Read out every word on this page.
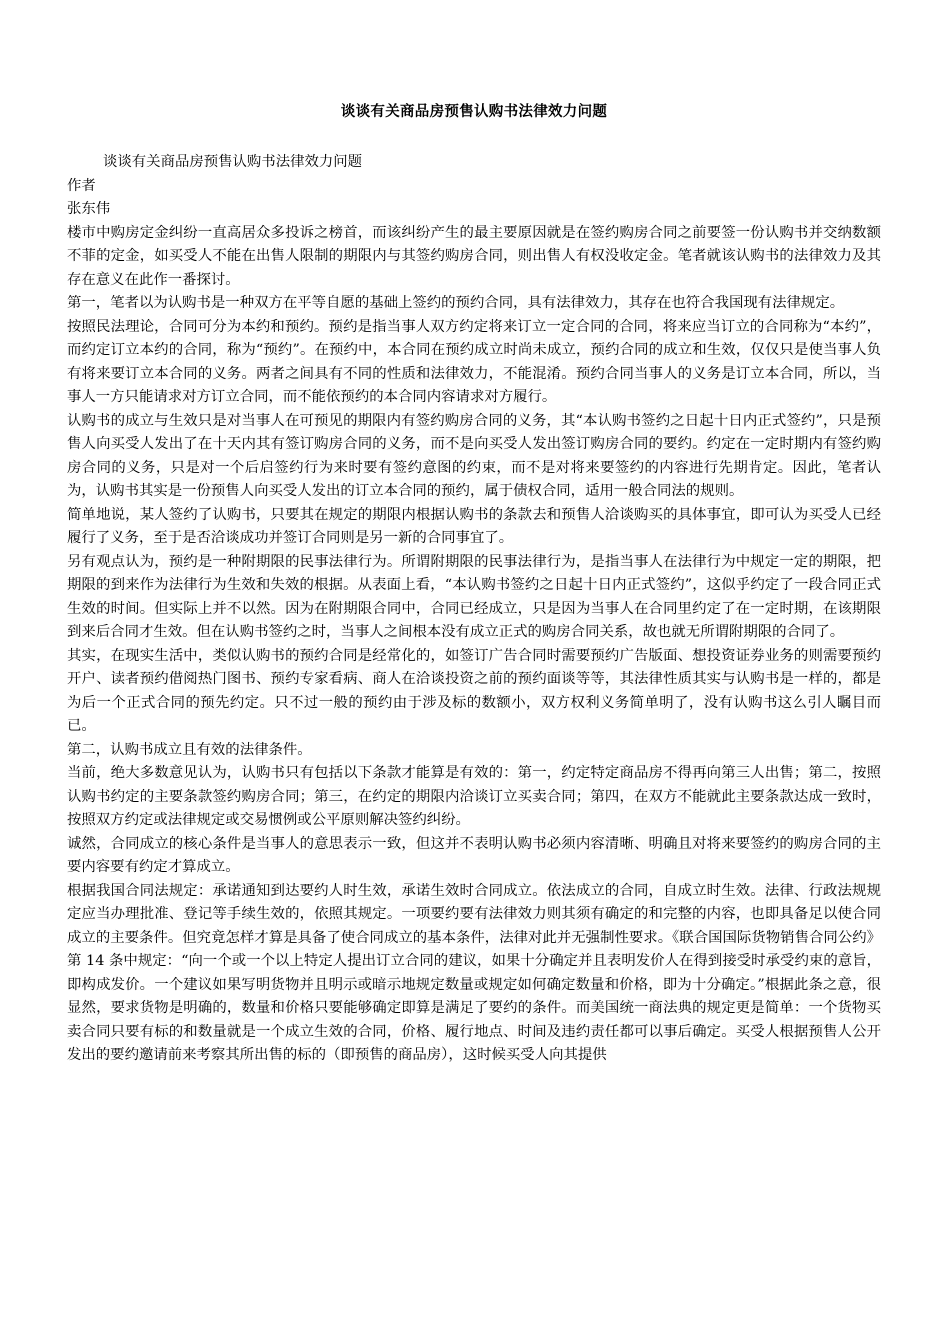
谈谈有关商品房预售认购书法律效力问题

谈谈有关商品房预售认购书法律效力问题

作者

张东伟

楼市中购房定金纠纷一直高居众多投诉之榜首，而该纠纷产生的最主要原因就是在签约购房合同之前要签一份认购书并交纳数额不菲的定金，如买受人不能在出售人限制的期限内与其签约购房合同，则出售人有权没收定金。笔者就该认购书的法律效力及其存在意义在此作一番探讨。

第一，笔者以为认购书是一种双方在平等自愿的基础上签约的预约合同，具有法律效力，其存在也符合我国现有法律规定。

按照民法理论，合同可分为本约和预约。预约是指当事人双方约定将来订立一定合同的合同，将来应当订立的合同称为“本约”，而约定订立本约的合同，称为“预约”。在预约中，本合同在预约成立时尚未成立，预约合同的成立和生效，仅仅只是使当事人负有将来要订立本合同的义务。两者之间具有不同的性质和法律效力，不能混淆。预约合同当事人的义务是订立本合同，所以，当事人一方只能请求对方订立合同，而不能依预约的本合同内容请求对方履行。

认购书的成立与生效只是对当事人在可预见的期限内有签约购房合同的义务，其“本认购书签约之日起十日内正式签约”，只是预售人向买受人发出了在十天内其有签订购房合同的义务，而不是向买受人发出签订购房合同的要约。约定在一定时期内有签约购房合同的义务，只是对一个后启签约行为来时要有签约意图的约束，而不是对将来要签约的内容进行先期肯定。因此，笔者认为，认购书其实是一份预售人向买受人发出的订立本合同的预约，属于债权合同，适用一般合同法的规则。

简单地说，某人签约了认购书，只要其在规定的期限内根据认购书的条款去和预售人洽谈购买的具体事宜，即可认为买受人已经履行了义务，至于是否洽谈成功并签订合同则是另一新的合同事宜了。

另有观点认为，预约是一种附期限的民事法律行为。所谓附期限的民事法律行为，是指当事人在法律行为中规定一定的期限，把期限的到来作为法律行为生效和失效的根据。从表面上看，“本认购书签约之日起十日内正式签约”，这似乎约定了一段合同正式生效的时间。但实际上并不以然。因为在附期限合同中，合同已经成立，只是因为当事人在合同里约定了在一定时期，在该期限到来后合同才生效。但在认购书签约之时，当事人之间根本没有成立正式的购房合同关系，故也就无所谓附期限的合同了。

其实，在现实生活中，类似认购书的预约合同是经常化的，如签订广告合同时需要预约广告版面、想投资证券业务的则需要预约开户、读者预约借阅热门图书、预约专家看病、商人在洽谈投资之前的预约面谈等等，其法律性质其实与认购书是一样的，都是为后一个正式合同的预先约定。只不过一般的预约由于涉及标的数额小，双方权利义务简单明了，没有认购书这么引人瞩目而已。

第二，认购书成立且有效的法律条件。

当前，绝大多数意见认为，认购书只有包括以下条款才能算是有效的：第一，约定特定商品房不得再向第三人出售；第二，按照认购书约定的主要条款签约购房合同；第三，在约定的期限内洽谈订立买卖合同；第四，在双方不能就此主要条款达成一致时，按照双方约定或法律规定或交易惯例或公平原则解决签约纠纷。

诚然，合同成立的核心条件是当事人的意思表示一致，但这并不表明认购书必须内容清晰、明确且对将来要签约的购房合同的主要内容要有约定才算成立。

根据我国合同法规定：承诺通知到达要约人时生效，承诺生效时合同成立。依法成立的合同，自成立时生效。法律、行政法规规定应当办理批准、登记等手续生效的，依照其规定。一项要约要有法律效力则其须有确定的和完整的内容，也即具备足以使合同成立的主要条件。但究竟怎样才算是具备了使合同成立的基本条件，法律对此并无强制性要求。《联合国国际货物销售合同公约》第 14 条中规定：“向一个或一个以上特定人提出订立合同的建议，如果十分确定并且表明发价人在得到接受时承受约束的意旨，即构成发价。一个建议如果写明货物并且明示或暗示地规定数量或规定如何确定数量和价格，即为十分确定。”根据此条之意，很显然，要求货物是明确的，数量和价格只要能够确定即算是满足了要约的条件。而美国统一商法典的规定更是简单：一个货物买卖合同只要有标的和数量就是一个成立生效的合同，价格、履行地点、时间及违约责任都可以事后确定。买受人根据预售人公开发出的要约邀请前来考察其所出售的标的（即预售的商品房），这时候买受人向其提供
